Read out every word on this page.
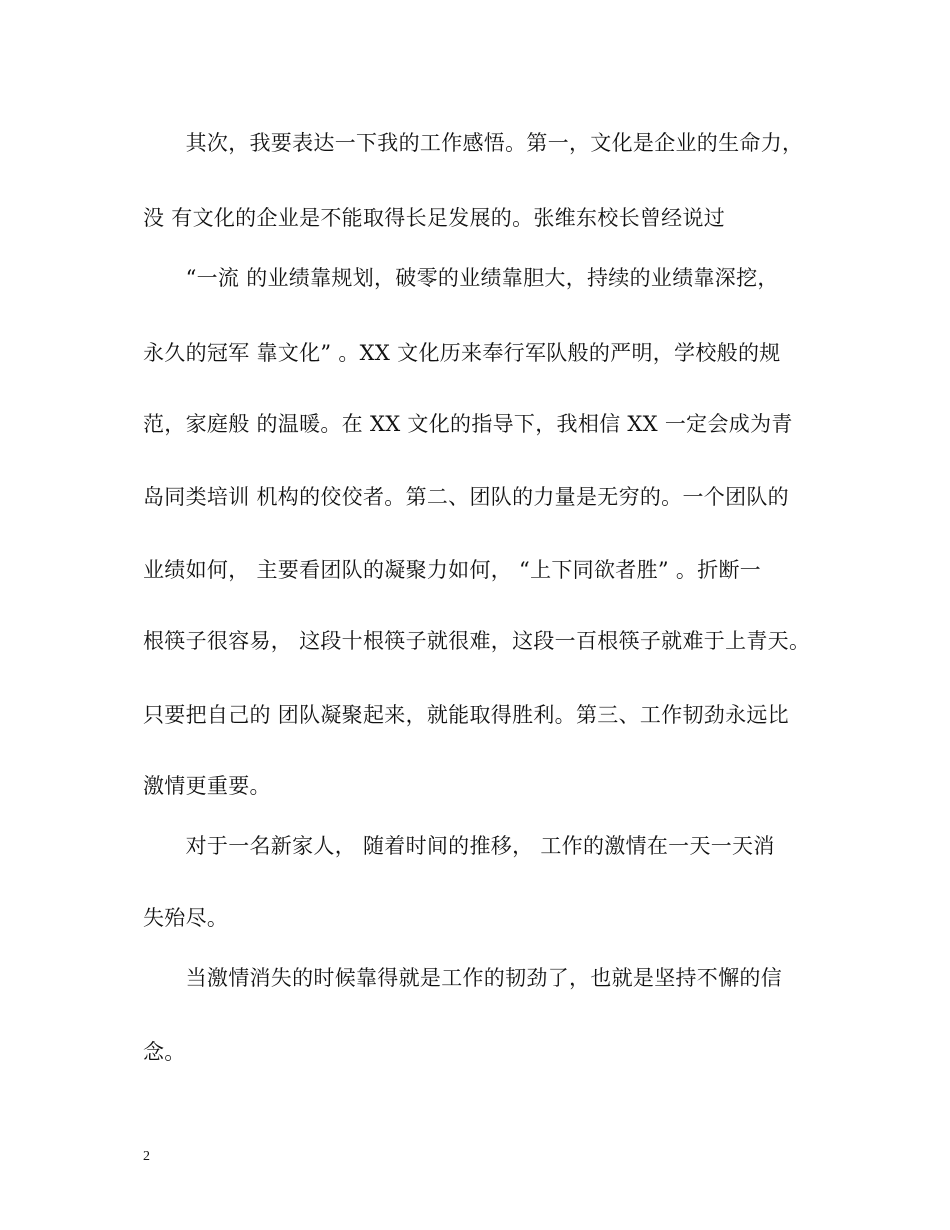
　　其次，我要表达一下我的工作感悟。第一，文化是企业的生命力，
没 有文化的企业是不能取得长足发展的。张维东校长曾经说过
　　“一流 的业绩靠规划，破零的业绩靠胆大，持续的业绩靠深挖，
永久的冠军 靠文化” 。XX 文化历来奉行军队般的严明，学校般的规
范，家庭般 的温暖。在 XX 文化的指导下，我相信 XX 一定会成为青
岛同类培训 机构的佼佼者。第二、团队的力量是无穷的。一个团队的
业绩如何， 主要看团队的凝聚力如何， “上下同欲者胜” 。折断一
根筷子很容易， 这段十根筷子就很难，这段一百根筷子就难于上青天。
只要把自己的 团队凝聚起来，就能取得胜利。第三、工作韧劲永远比
激情更重要。
　　对于一名新家人， 随着时间的推移， 工作的激情在一天一天消
失殆尽。
　　当激情消失的时候靠得就是工作的韧劲了，也就是坚持不懈的信
念。
2
